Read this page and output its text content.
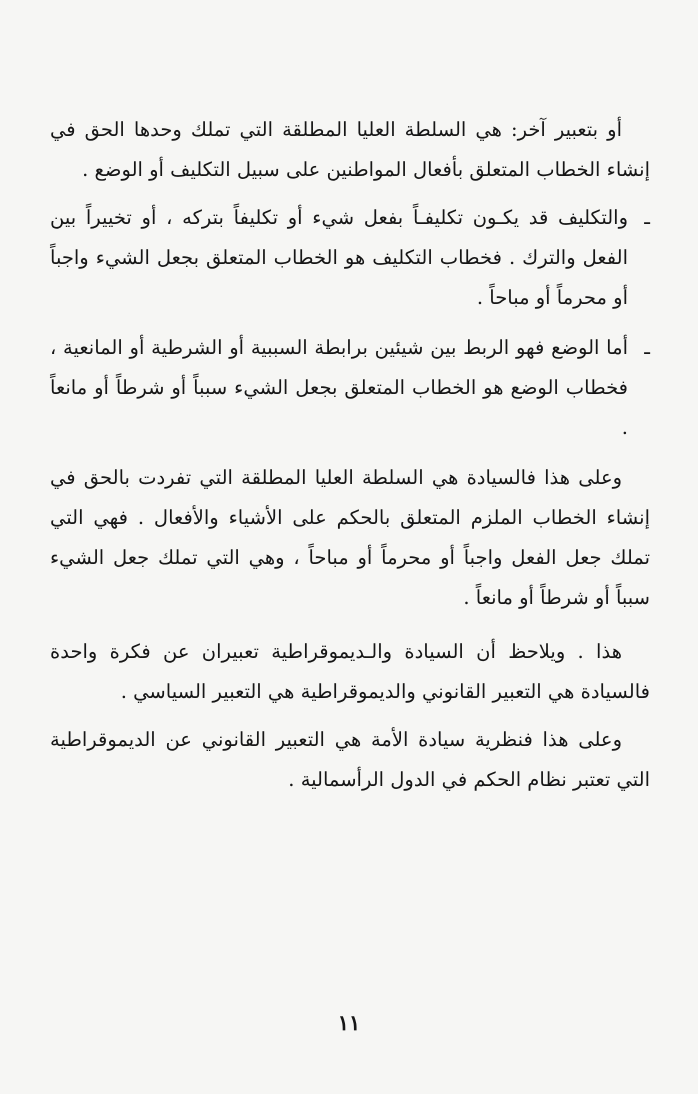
أو بتعبير آخر: هي السلطة العليا المطلقة التي تملك وحدها الحق في إنشاء الخطاب المتعلق بأفعال المواطنين على سبيل التكليف أو الوضع .

ـ
والتكليف قد يكـون تكليفـاً بفعل شيء أو تكليفاً بتركه ، أو تخييراً بين الفعل والترك . فخطاب التكليف هو الخطاب المتعلق بجعل الشيء واجباً أو محرماً أو مباحاً .

ـ
أما الوضع فهو الربط بين شيئين برابطة السببية أو الشرطية أو المانعية ، فخطاب الوضع هو الخطاب المتعلق بجعل الشيء سبباً أو شرطاً أو مانعاً .

وعلى هذا فالسيادة هي السلطة العليا المطلقة التي تفردت بالحق في إنشاء الخطاب الملزم المتعلق بالحكم على الأشياء والأفعال . فهي التي تملك جعل الفعل واجباً أو محرماً أو مباحاً ، وهي التي تملك جعل الشيء سبباً أو شرطاً أو مانعاً .

هذا . ويلاحظ أن السيادة والـديموقراطية تعبيران عن فكرة واحدة فالسيادة هي التعبير القانوني والديموقراطية هي التعبير السياسي .

وعلى هذا فنظرية سيادة الأمة هي التعبير القانوني عن الديموقراطية التي تعتبر نظام الحكم في الدول الرأسمالية .

١١
